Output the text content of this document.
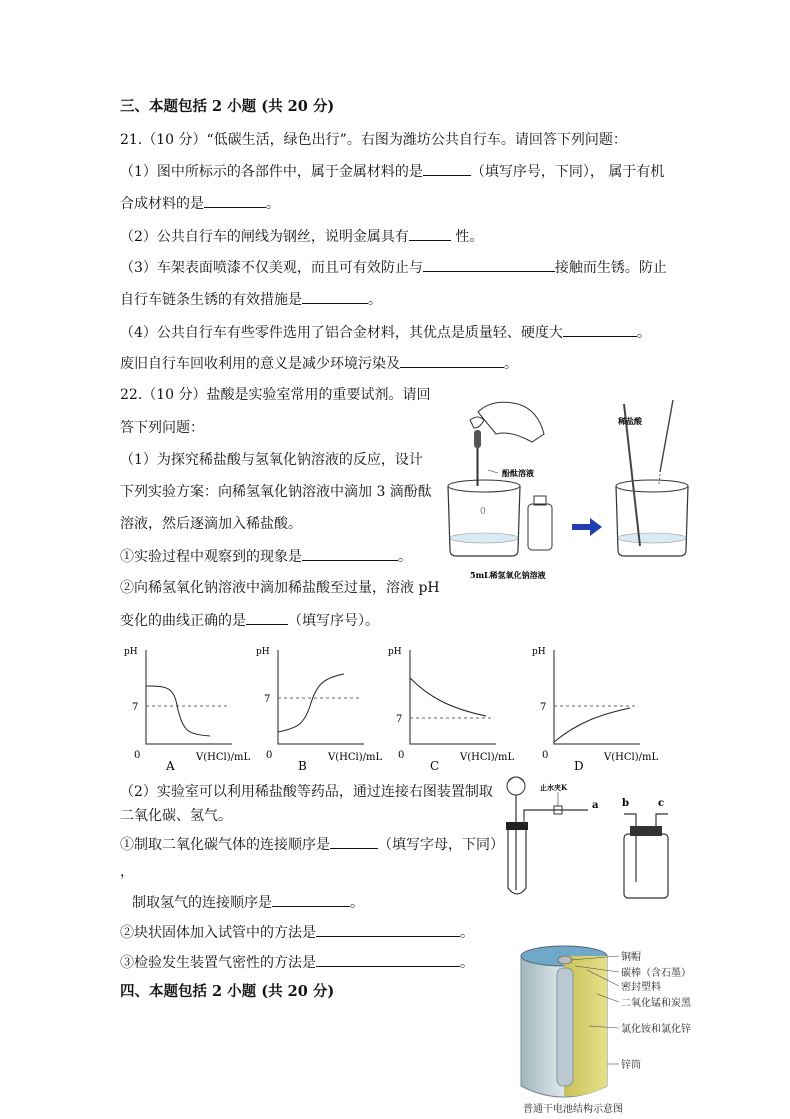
三、本题包括 2 小题 (共 20 分)
21.（10 分）“低碳生活，绿色出行”。右图为潍坊公共自行车。请回答下列问题：
（1）图中所标示的各部件中，属于金属材料的是	（填写序号，下同）， 属于有机
合成材料的是	。
（2）公共自行车的闸线为钢丝，说明金属具有	性。
（3）车架表面喷漆不仅美观，而且可有效防止与	接触而生锈。防止
自行车链条生锈的有效措施是	。
（4）公共自行车有些零件选用了铝合金材料，其优点是质量轻、硬度大	。
废旧自行车回收利用的意义是减少环境污染及	。
22.（10 分）盐酸是实验室常用的重要试剂。请回
答下列问题：
（1）为探究稀盐酸与氢氧化钠溶液的反应，设计
下列实验方案：向稀氢氧化钠溶液中滴加 3 滴酚酞
溶液，然后逐滴加入稀盐酸。
①实验过程中观察到的现象是	。
②向稀氢氧化钠溶液中滴加稀盐酸至过量，溶液 pH
变化的曲线正确的是	（填写序号）。
0
酚酞溶液
5mL稀氢氧化钠溶液
稀盐酸
pH
7
0	V(HCl)/mL
A
pH
7
0	V(HCl)/mL
B
pH
7
0	V(HCl)/mL
C
pH
7
0	V(HCl)/mL
D
（2）实验室可以利用稀盐酸等药品，通过连接右图装置制取
二氧化碳、氢气。
①制取二氧化碳气体的连接顺序是	（填写字母，下同）
，
制取氢气的连接顺序是	。
②块状固体加入试管中的方法是	。
③检验发生装置气密性的方法是	。
四、本题包括 2 小题 (共 20 分)
止水夹K
a b	c
铜帽
碳棒（含石墨）
密封塑料
二氧化锰和炭黑
氯化铵和氯化锌
锌筒
普通干电池结构示意图
